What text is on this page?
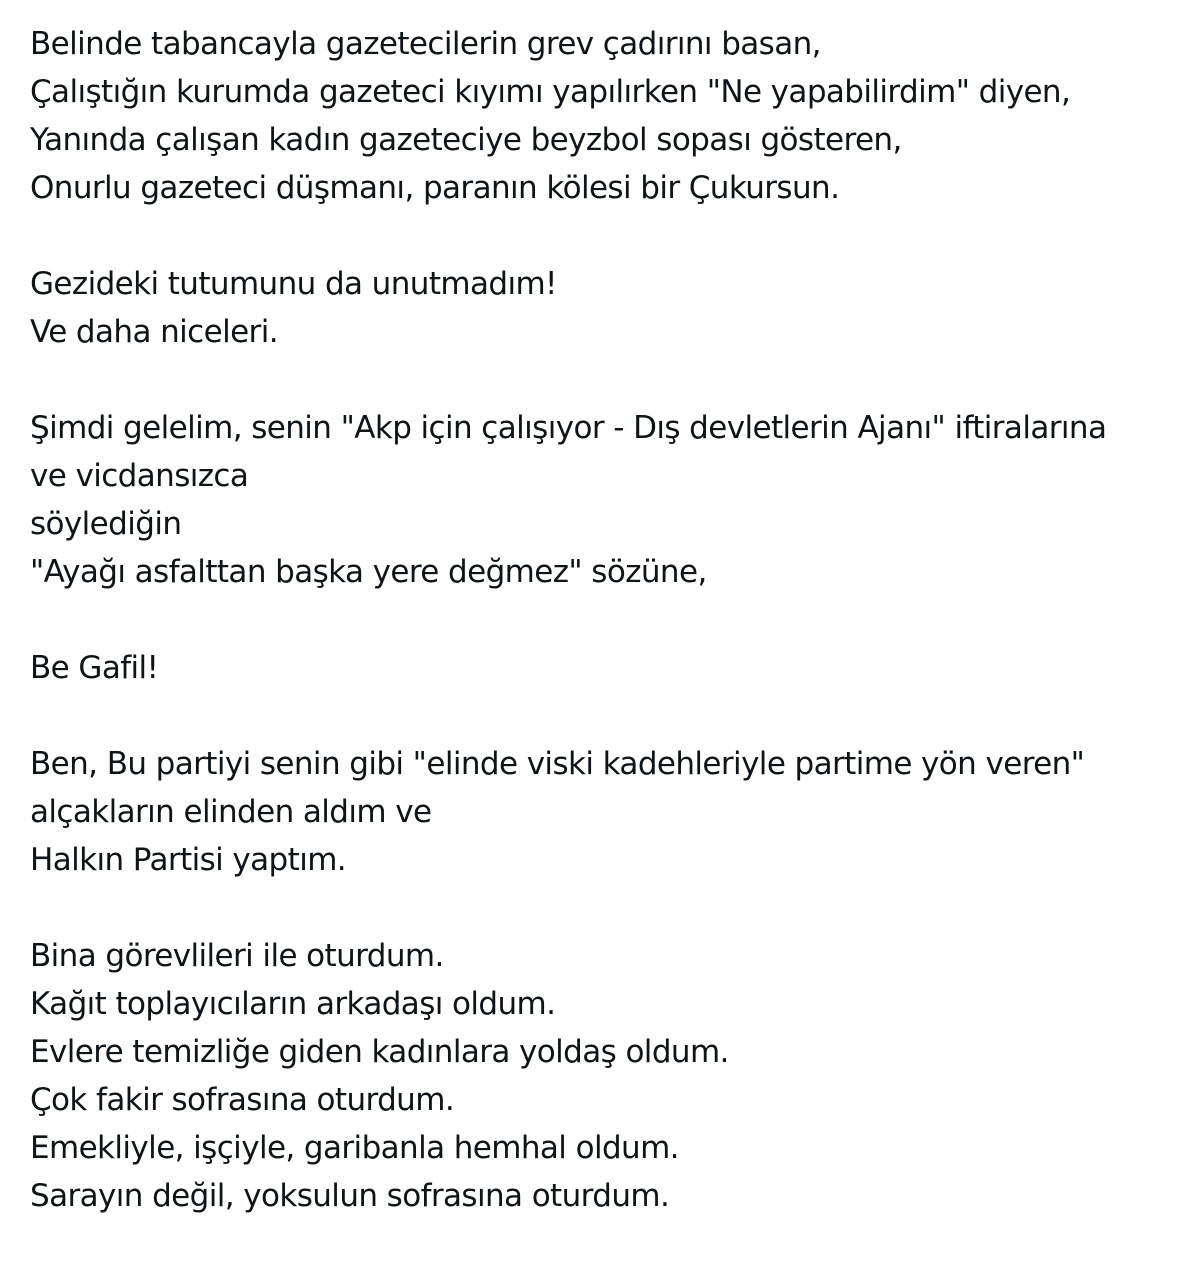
Belinde tabancayla gazetecilerin grev çadırını basan,
Çalıştığın kurumda gazeteci kıyımı yapılırken "Ne yapabilirdim" diyen,
Yanında çalışan kadın gazeteciye beyzbol sopası gösteren,
Onurlu gazeteci düşmanı, paranın kölesi bir Çukursun.
Gezideki tutumunu da unutmadım!
Ve daha niceleri.
Şimdi gelelim, senin "Akp için çalışıyor - Dış devletlerin Ajanı" iftiralarına
ve vicdansızca
söylediğin
"Ayağı asfalttan başka yere değmez" sözüne,
Be Gafil!
Ben, Bu partiyi senin gibi "elinde viski kadehleriyle partime yön veren"
alçakların elinden aldım ve
Halkın Partisi yaptım.
Bina görevlileri ile oturdum.
Kağıt toplayıcıların arkadaşı oldum.
Evlere temizliğe giden kadınlara yoldaş oldum.
Çok fakir sofrasına oturdum.
Emekliyle, işçiyle, garibanla hemhal oldum.
Sarayın değil, yoksulun sofrasına oturdum.
